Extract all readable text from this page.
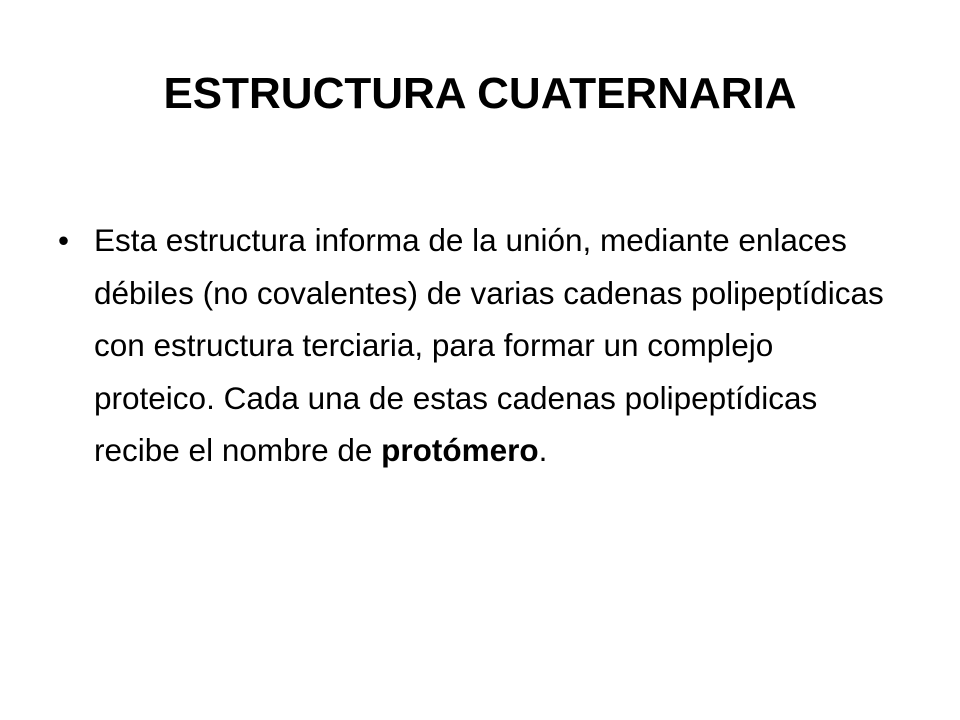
ESTRUCTURA CUATERNARIA
• Esta estructura informa de la unión, mediante enlaces débiles (no covalentes) de varias cadenas polipeptídicas con estructura terciaria, para formar un complejo proteico. Cada una de estas cadenas polipeptídicas recibe el nombre de protómero.
